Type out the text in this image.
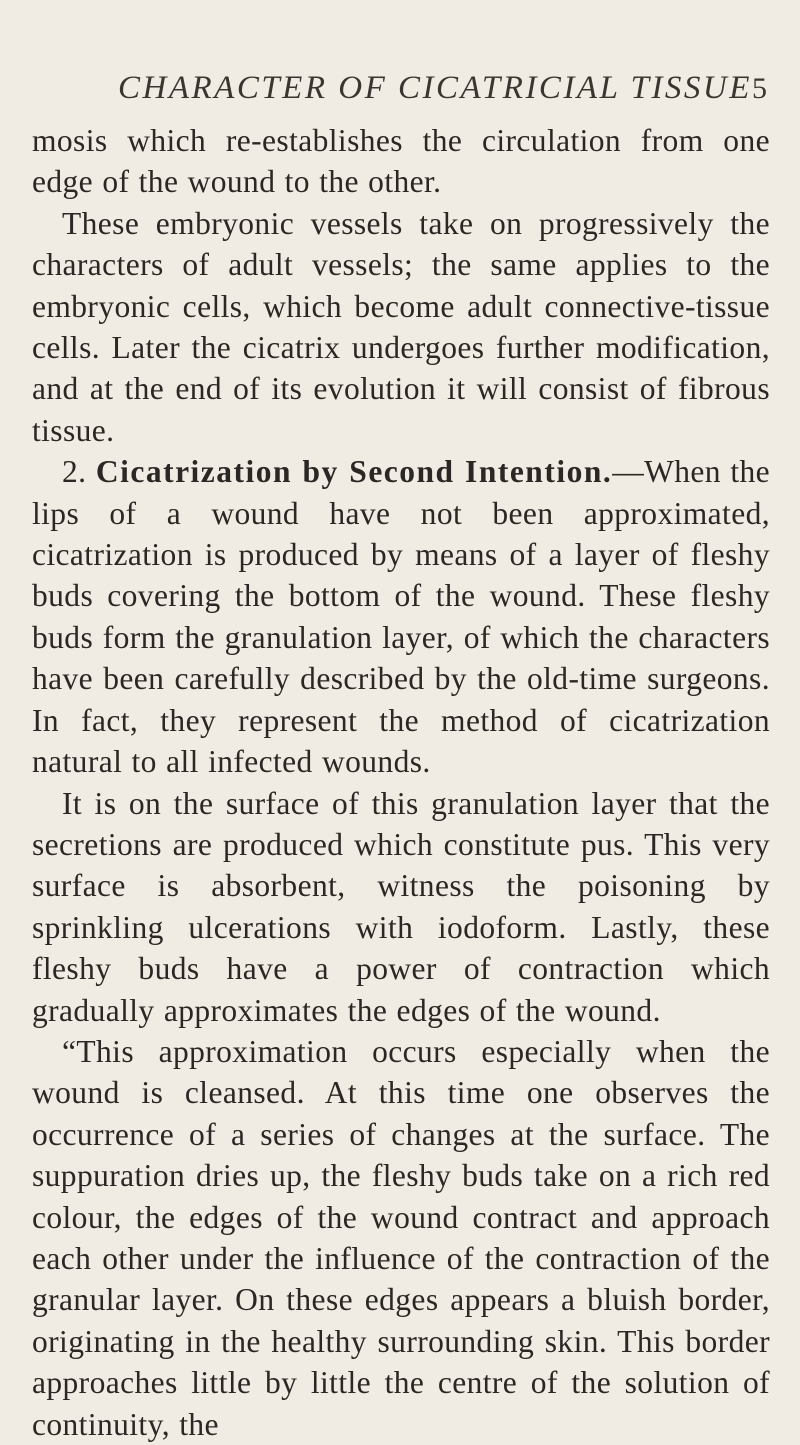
CHARACTER OF CICATRICIAL TISSUE 5

mosis which re-establishes the circulation from one edge of the wound to the other.

These embryonic vessels take on progressively the characters of adult vessels; the same applies to the embryonic cells, which become adult connective-tissue cells. Later the cicatrix undergoes further modification, and at the end of its evolution it will consist of fibrous tissue.

2. Cicatrization by Second Intention.—When the lips of a wound have not been approximated, cicatrization is produced by means of a layer of fleshy buds covering the bottom of the wound. These fleshy buds form the granulation layer, of which the characters have been carefully described by the old-time surgeons. In fact, they represent the method of cicatrization natural to all infected wounds.

It is on the surface of this granulation layer that the secretions are produced which constitute pus. This very surface is absorbent, witness the poisoning by sprinkling ulcerations with iodoform. Lastly, these fleshy buds have a power of contraction which gradually approximates the edges of the wound.

“This approximation occurs especially when the wound is cleansed. At this time one observes the occurrence of a series of changes at the surface. The suppuration dries up, the fleshy buds take on a rich red colour, the edges of the wound contract and approach each other under the influence of the contraction of the granular layer. On these edges appears a bluish border, originating in the healthy surrounding skin. This border approaches little by little the centre of the solution of continuity, the
